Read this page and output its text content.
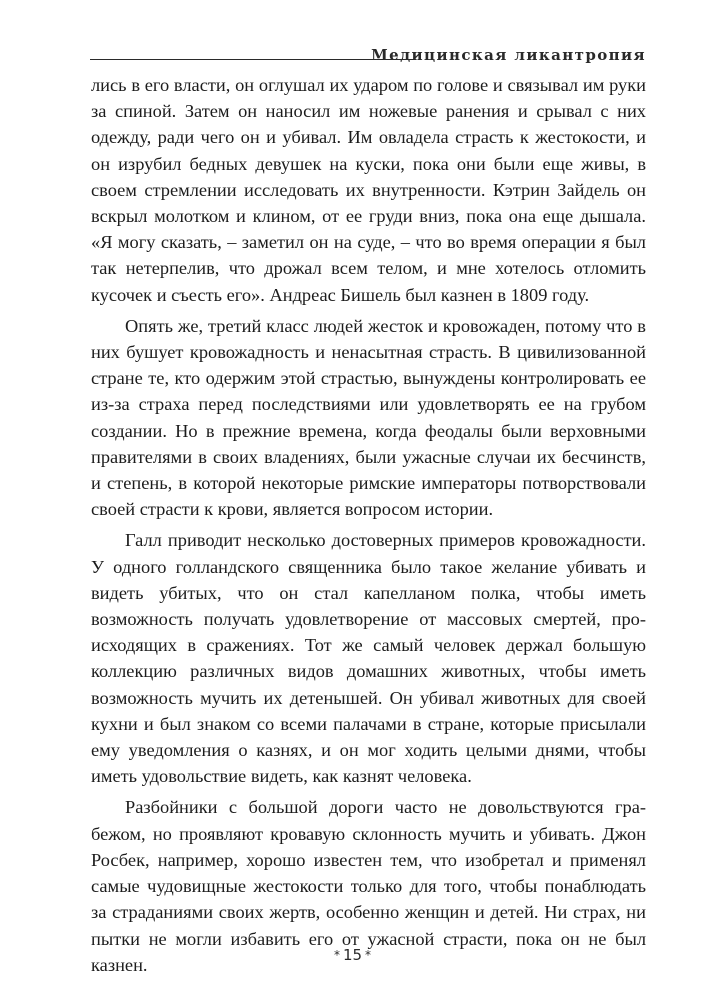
Медицинская ликантропия

лись в его власти, он оглушал их ударом по голове и связывал им руки за спиной. Затем он наносил им ножевые ранения и срывал с них одежду, ради чего он и убивал. Им овладела страсть к жестокости, и он изрубил бедных девушек на куски, пока они были еще живы, в своем стремлении исследовать их внутренности. Кэтрин Зайдель он вскрыл молотком и клином, от ее груди вниз, пока она еще дышала. «Я могу сказать, – заметил он на суде, – что во время операции я был так нетерпелив, что дрожал всем телом, и мне хотелось отломить кусочек и съесть его». Андреас Бишель был казнен в 1809 году.

Опять же, третий класс людей жесток и кровожаден, потому что в них бушует кровожадность и ненасытная страсть. В цивилизованной стране те, кто одержим этой страстью, вынуждены контролировать ее из-за страха перед последствиями или удовлетворять ее на грубом создании. Но в прежние времена, когда феодалы были верховными правителями в своих владениях, были ужасные случаи их бесчинств, и степень, в которой некоторые римские императоры потворствовали своей страсти к крови, является вопросом истории.

Галл приводит несколько достоверных примеров кровожадности. У одного голландского священника было такое желание убивать и видеть убитых, что он стал капелланом полка, чтобы иметь возможность получать удовлетворение от массовых смертей, происходящих в сражениях. Тот же самый человек держал большую коллекцию различных видов домашних животных, чтобы иметь возможность мучить их детенышей. Он убивал животных для своей кухни и был знаком со всеми палачами в стране, которые присылали ему уведомления о казнях, и он мог ходить целыми днями, чтобы иметь удовольствие видеть, как казнят человека.

Разбойники с большой дороги часто не довольствуются грабежом, но проявляют кровавую склонность мучить и убивать. Джон Росбек, например, хорошо известен тем, что изобретал и применял самые чудовищные жестокости только для того, чтобы понаблюдать за страданиями своих жертв, особенно женщин и детей. Ни страх, ни пытки не могли избавить его от ужасной страсти, пока он не был казнен.	* 15 *
